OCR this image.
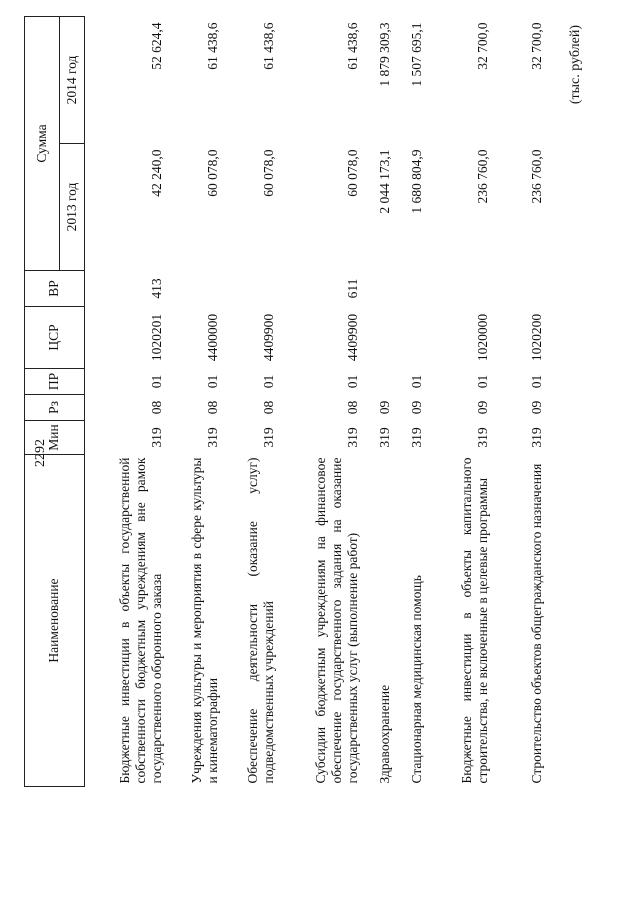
2292
(тыс. рублей)
Наименование	Мин	Рз	ПР	ЦСР	ВР	Сумма	
						2013 год	2014 год
Бюджетные инвестиции в объекты государственной собственности бюджетным учреждениям вне рамок государственного оборонного заказа	319	08	01	1020201	413	42 240,0	52 624,4
Учреждения культуры и мероприятия в сфере культуры и кинематографии	319	08	01	4400000		60 078,0	61 438,6
Обеспечение деятельности (оказание услуг) подведомственных учреждений	319	08	01	4409900		60 078,0	61 438,6
Субсидии бюджетным учреждениям на финансовое обеспечение государственного задания на оказание государственных услуг (выполнение работ)	319	08	01	4409900	611	60 078,0	61 438,6
Здравоохранение	319	09				2 044 173,1	1 879 309,3
Стационарная медицинская помощь	319	09	01			1 680 804,9	1 507 695,1
Бюджетные инвестиции в объекты капитального строительства, не включенные в целевые программы	319	09	01	1020000		236 760,0	32 700,0
Строительство объектов общегражданского назначения	319	09	01	1020200		236 760,0	32 700,0
